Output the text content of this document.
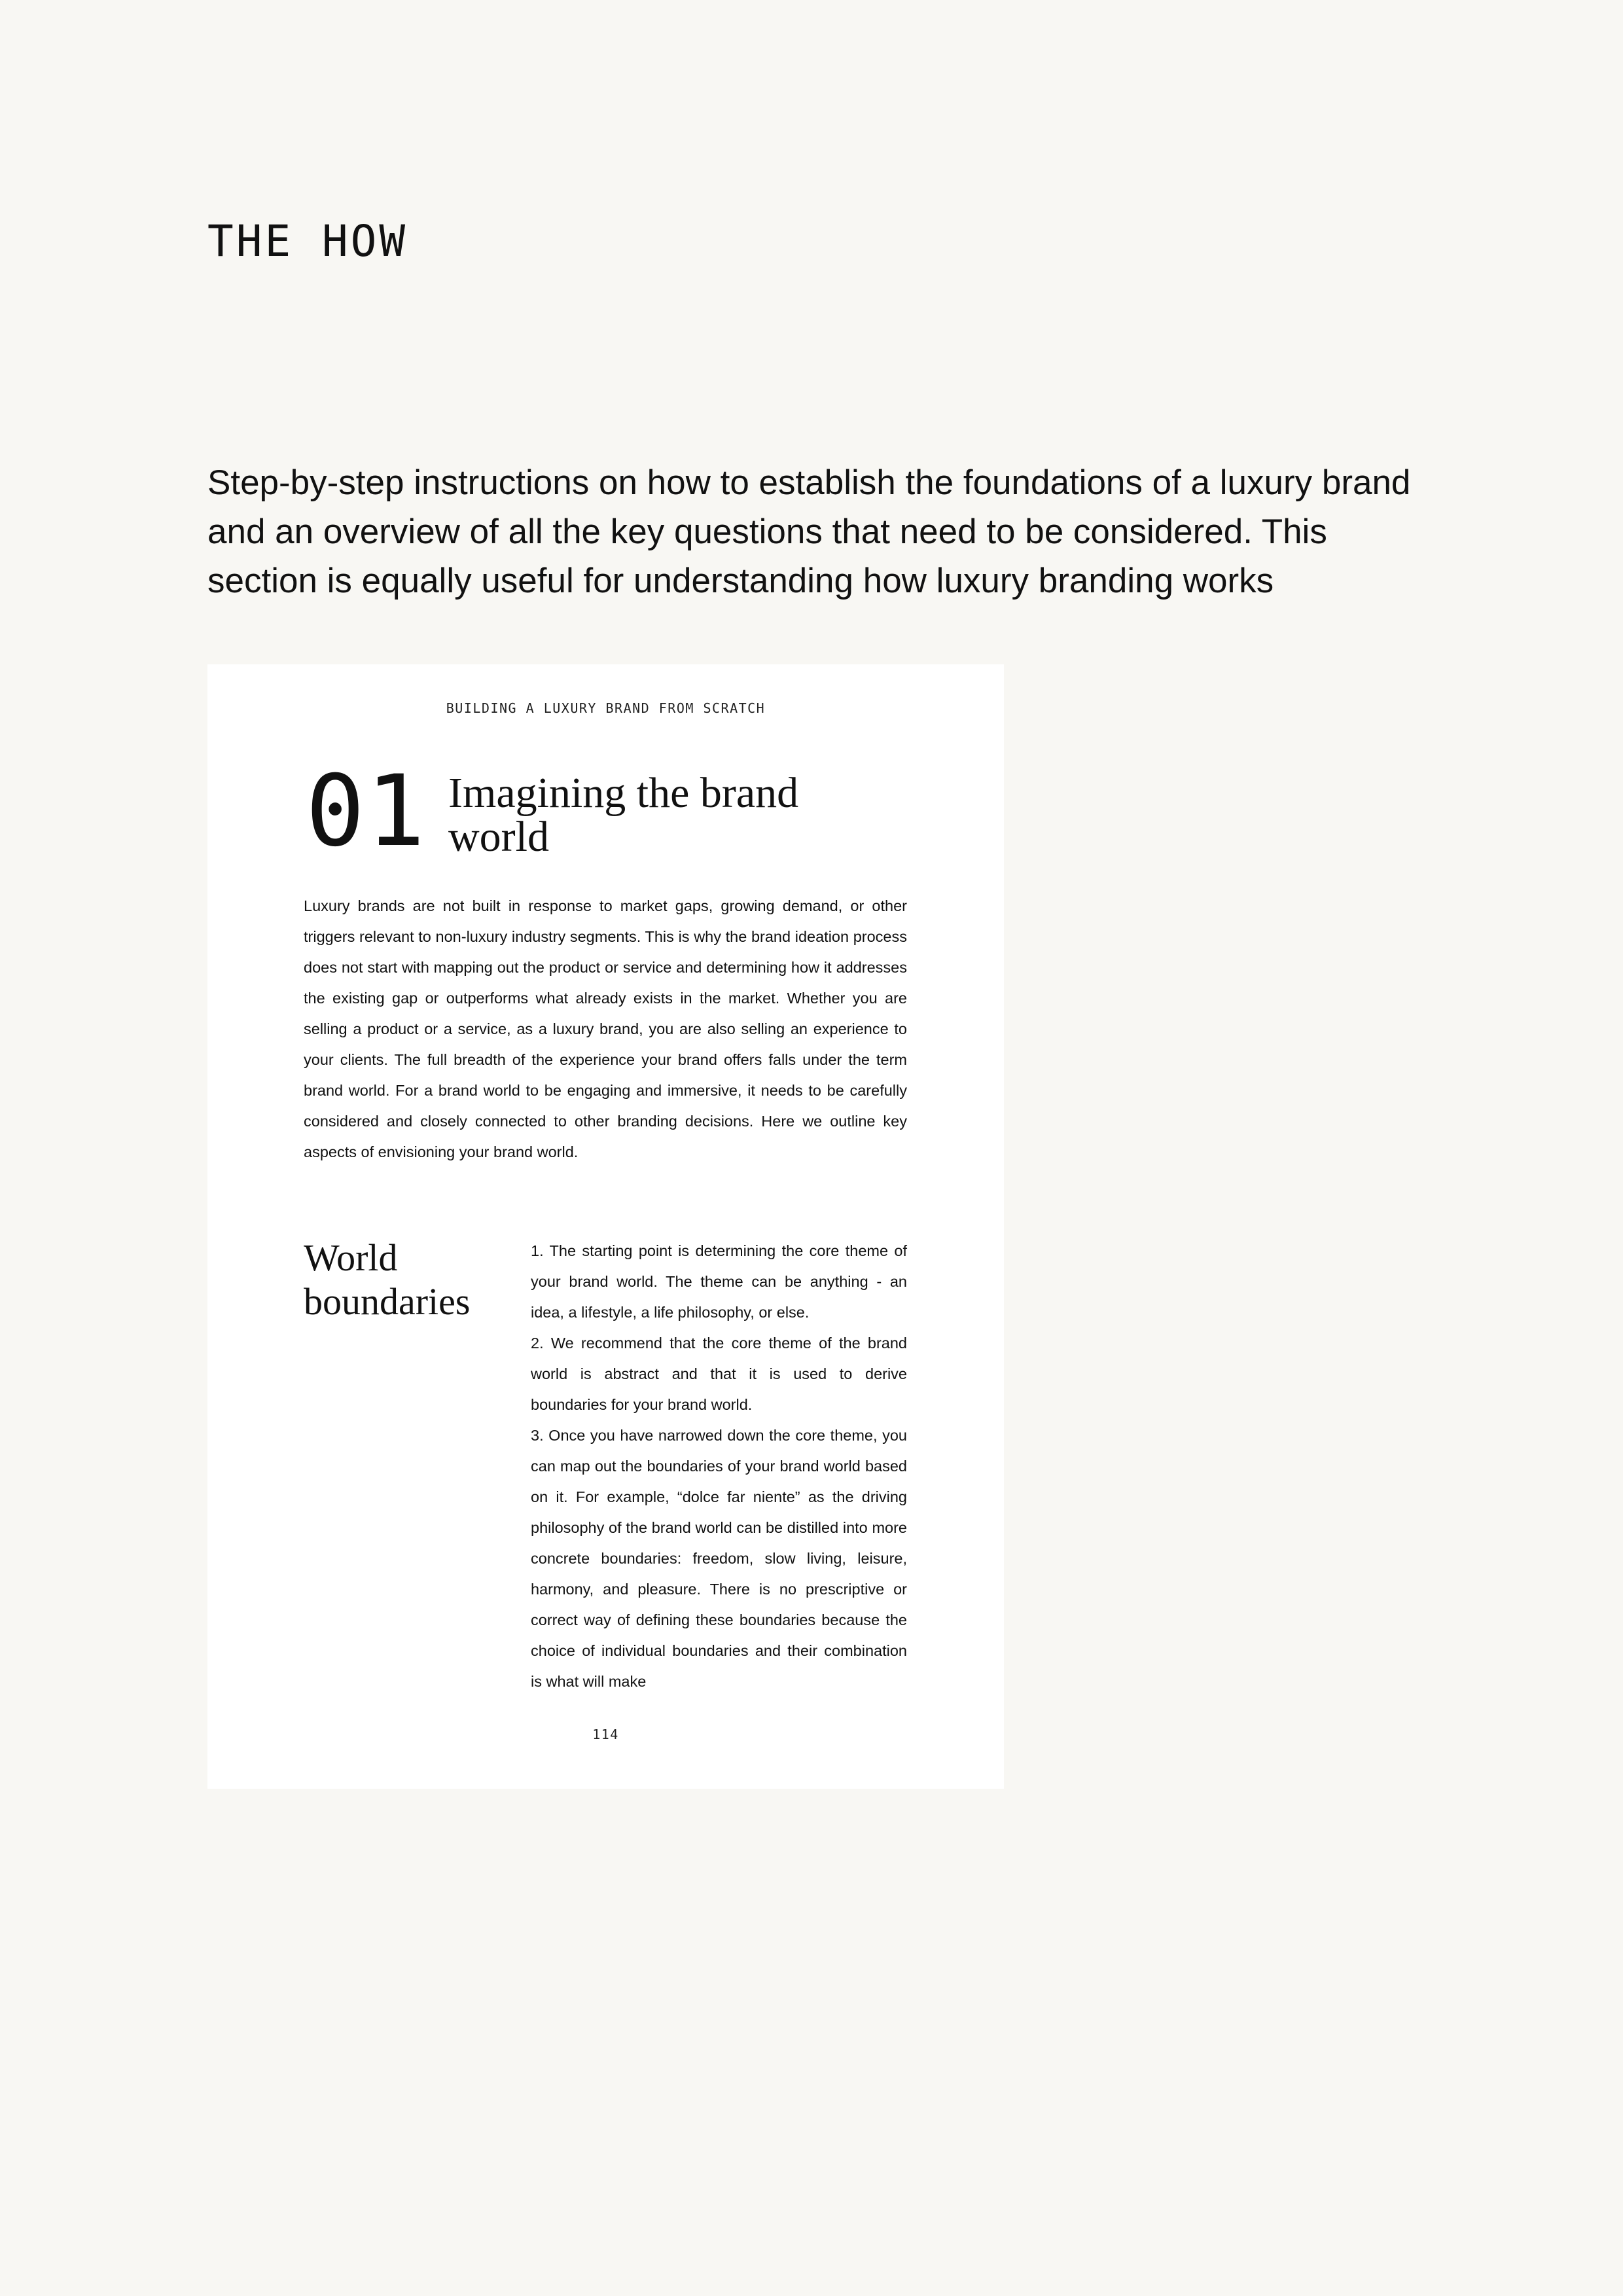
THE HOW

Step-by-step instructions on how to establish the foundations of a luxury brand and an overview of all the key questions that need to be considered. This section is equally useful for understanding how luxury branding works

BUILDING A LUXURY BRAND FROM SCRATCH

01 Imagining the brand world

Luxury brands are not built in response to market gaps, growing demand, or other triggers relevant to non-luxury industry segments. This is why the brand ideation process does not start with mapping out the product or service and determining how it addresses the existing gap or outperforms what already exists in the market. Whether you are selling a product or a service, as a luxury brand, you are also selling an experience to your clients. The full breadth of the experience your brand offers falls under the term brand world. For a brand world to be engaging and immersive, it needs to be carefully considered and closely connected to other branding decisions. Here we outline key aspects of envisioning your brand world.

World boundaries
1. The starting point is determining the core theme of your brand world. The theme can be anything - an idea, a lifestyle, a life philosophy, or else.
2. We recommend that the core theme of the brand world is abstract and that it is used to derive boundaries for your brand world.
3. Once you have narrowed down the core theme, you can map out the boundaries of your brand world based on it. For example, “dolce far niente” as the driving philosophy of the brand world can be distilled into more concrete boundaries: freedom, slow living, leisure, harmony, and pleasure. There is no prescriptive or correct way of defining these boundaries because the choice of individual boundaries and their combination is what will make

114
